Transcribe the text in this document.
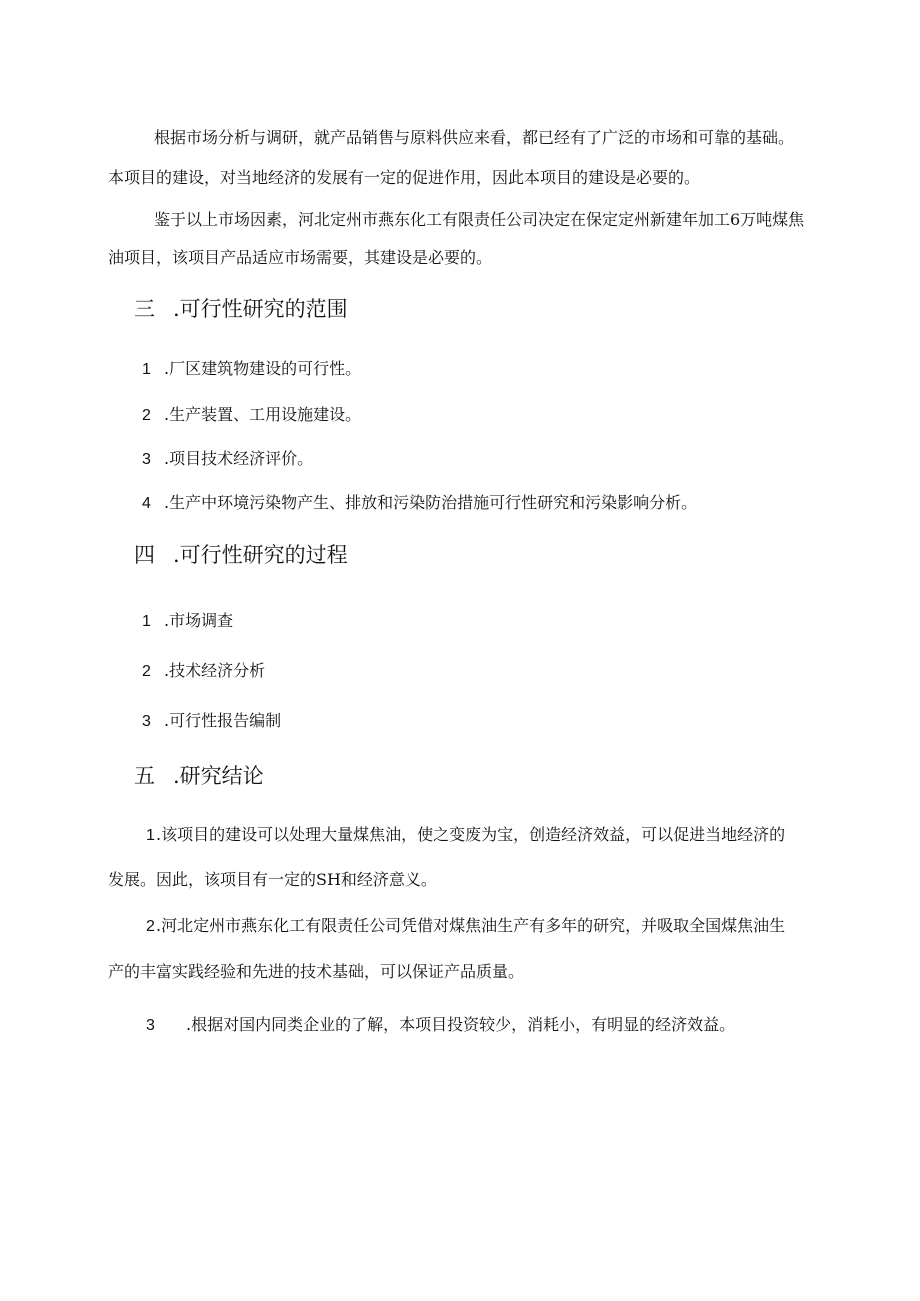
根据市场分析与调研，就产品销售与原料供应来看，都已经有了广泛的市场和可靠的基础。
本项目的建设，对当地经济的发展有一定的促进作用，因此本项目的建设是必要的。
鉴于以上市场因素，河北定州市燕东化工有限责任公司决定在保定定州新建年加工6万吨煤焦
油项目，该项目产品适应市场需要，其建设是必要的。
三 .可行性研究的范围
1 .厂区建筑物建设的可行性。
2 .生产装置、工用设施建设。
3 .项目技术经济评价。
4 .生产中环境污染物产生、排放和污染防治措施可行性研究和污染影响分析。
四 .可行性研究的过程
1 .市场调查
2 .技术经济分析
3 .可行性报告编制
五 .研究结论
1.该项目的建设可以处理大量煤焦油，使之变废为宝，创造经济效益，可以促进当地经济的
发展。因此，该项目有一定的SH和经济意义。
2.河北定州市燕东化工有限责任公司凭借对煤焦油生产有多年的研究，并吸取全国煤焦油生
产的丰富实践经验和先进的技术基础，可以保证产品质量。
3 .根据对国内同类企业的了解，本项目投资较少，消耗小，有明显的经济效益。
